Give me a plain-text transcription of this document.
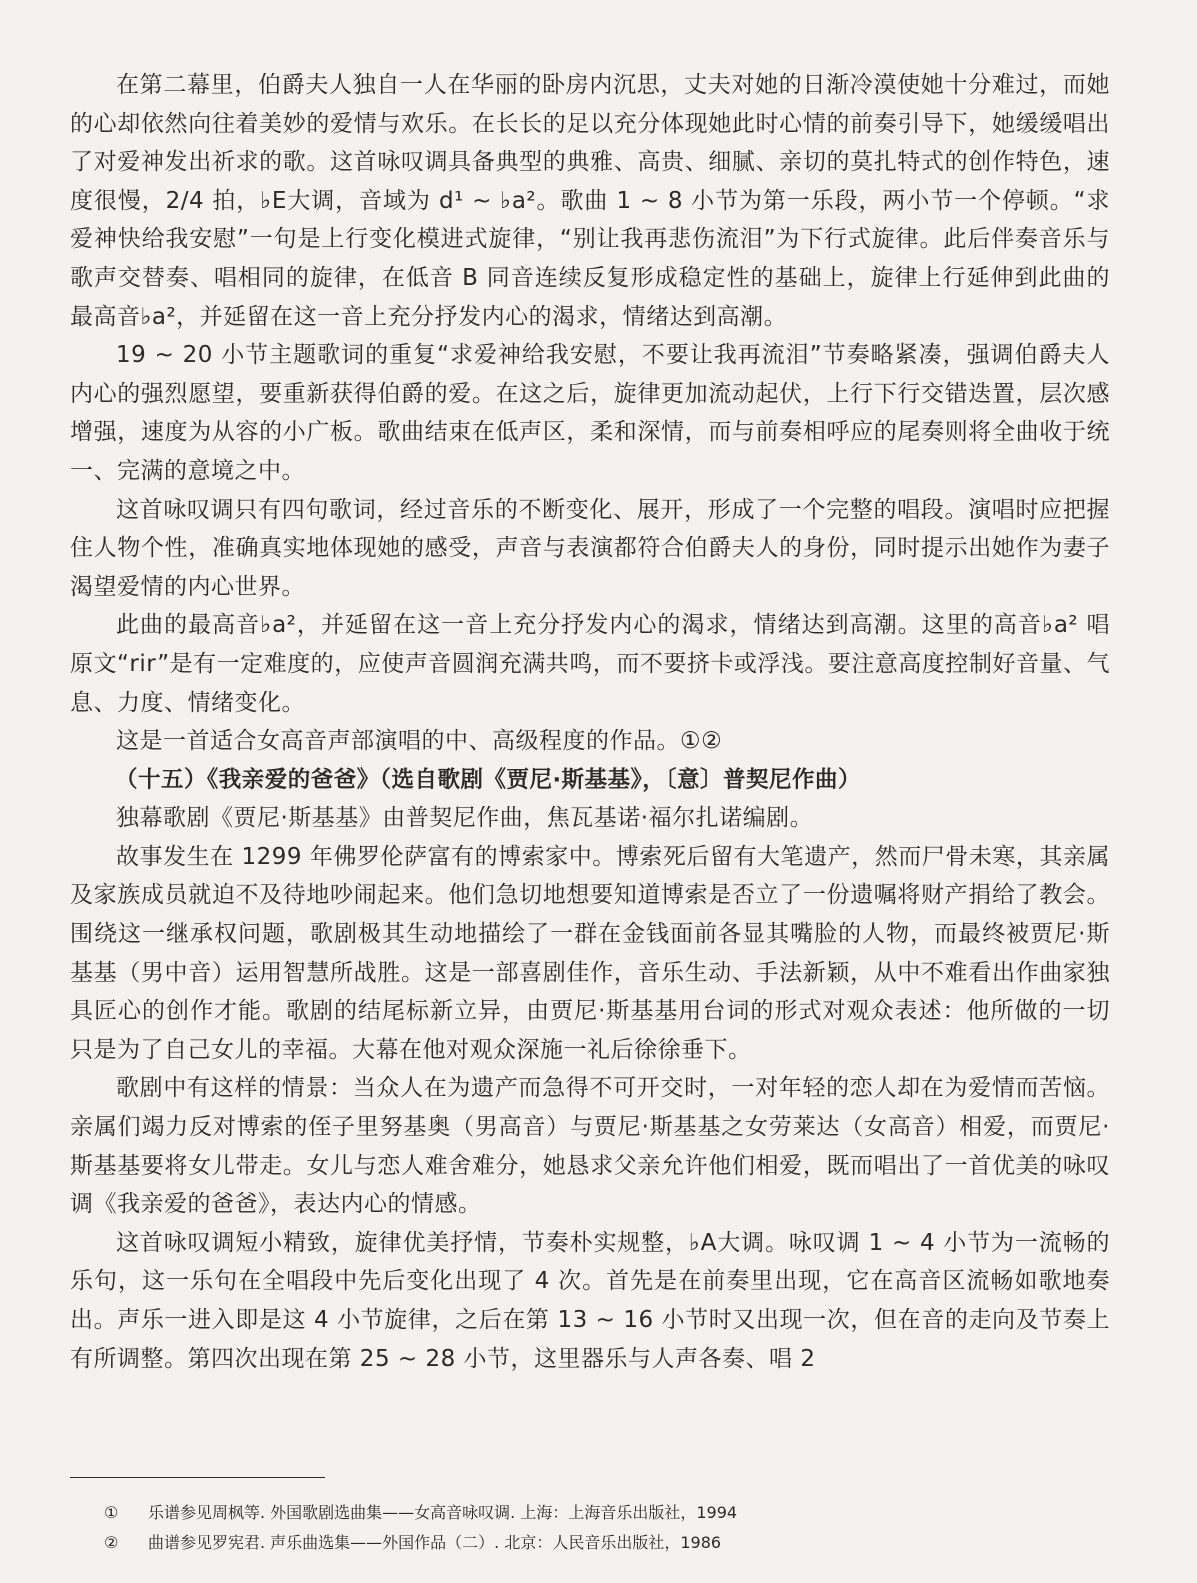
在第二幕里，伯爵夫人独自一人在华丽的卧房内沉思，丈夫对她的日渐冷漠使她十分难过，而她的心却依然向往着美妙的爱情与欢乐。在长长的足以充分体现她此时心情的前奏引导下，她缓缓唱出了对爱神发出祈求的歌。这首咏叹调具备典型的典雅、高贵、细腻、亲切的莫扎特式的创作特色，速度很慢，2/4 拍，♭E大调，音域为 d¹ ~ ♭a²。歌曲 1 ~ 8 小节为第一乐段，两小节一个停顿。“求爱神快给我安慰”一句是上行变化模进式旋律，“别让我再悲伤流泪”为下行式旋律。此后伴奏音乐与歌声交替奏、唱相同的旋律，在低音 B 同音连续反复形成稳定性的基础上，旋律上行延伸到此曲的最高音♭a²，并延留在这一音上充分抒发内心的渴求，情绪达到高潮。

19 ~ 20 小节主题歌词的重复“求爱神给我安慰，不要让我再流泪”节奏略紧凑，强调伯爵夫人内心的强烈愿望，要重新获得伯爵的爱。在这之后，旋律更加流动起伏，上行下行交错迭置，层次感增强，速度为从容的小广板。歌曲结束在低声区，柔和深情，而与前奏相呼应的尾奏则将全曲收于统一、完满的意境之中。

这首咏叹调只有四句歌词，经过音乐的不断变化、展开，形成了一个完整的唱段。演唱时应把握住人物个性，准确真实地体现她的感受，声音与表演都符合伯爵夫人的身份，同时提示出她作为妻子渴望爱情的内心世界。

此曲的最高音♭a²，并延留在这一音上充分抒发内心的渴求，情绪达到高潮。这里的高音♭a² 唱原文“rir”是有一定难度的，应使声音圆润充满共鸣，而不要挤卡或浮浅。要注意高度控制好音量、气息、力度、情绪变化。

这是一首适合女高音声部演唱的中、高级程度的作品。①②

（十五）《我亲爱的爸爸》（选自歌剧《贾尼·斯基基》，〔意〕普契尼作曲）

独幕歌剧《贾尼·斯基基》由普契尼作曲，焦瓦基诺·福尔扎诺编剧。

故事发生在 1299 年佛罗伦萨富有的博索家中。博索死后留有大笔遗产，然而尸骨未寒，其亲属及家族成员就迫不及待地吵闹起来。他们急切地想要知道博索是否立了一份遗嘱将财产捐给了教会。围绕这一继承权问题，歌剧极其生动地描绘了一群在金钱面前各显其嘴脸的人物，而最终被贾尼·斯基基（男中音）运用智慧所战胜。这是一部喜剧佳作，音乐生动、手法新颖，从中不难看出作曲家独具匠心的创作才能。歌剧的结尾标新立异，由贾尼·斯基基用台词的形式对观众表述：他所做的一切只是为了自己女儿的幸福。大幕在他对观众深施一礼后徐徐垂下。

歌剧中有这样的情景：当众人在为遗产而急得不可开交时，一对年轻的恋人却在为爱情而苦恼。亲属们竭力反对博索的侄子里努基奥（男高音）与贾尼·斯基基之女劳莱达（女高音）相爱，而贾尼·斯基基要将女儿带走。女儿与恋人难舍难分，她恳求父亲允许他们相爱，既而唱出了一首优美的咏叹调《我亲爱的爸爸》，表达内心的情感。

这首咏叹调短小精致，旋律优美抒情，节奏朴实规整，♭A大调。咏叹调 1 ~ 4 小节为一流畅的乐句，这一乐句在全唱段中先后变化出现了 4 次。首先是在前奏里出现，它在高音区流畅如歌地奏出。声乐一进入即是这 4 小节旋律，之后在第 13 ~ 16 小节时又出现一次，但在音的走向及节奏上有所调整。第四次出现在第 25 ~ 28 小节，这里器乐与人声各奏、唱 2

①	乐谱参见周枫等. 外国歌剧选曲集——女高音咏叹调. 上海：上海音乐出版社，1994

②	曲谱参见罗宪君. 声乐曲选集——外国作品（二）. 北京：人民音乐出版社，1986
